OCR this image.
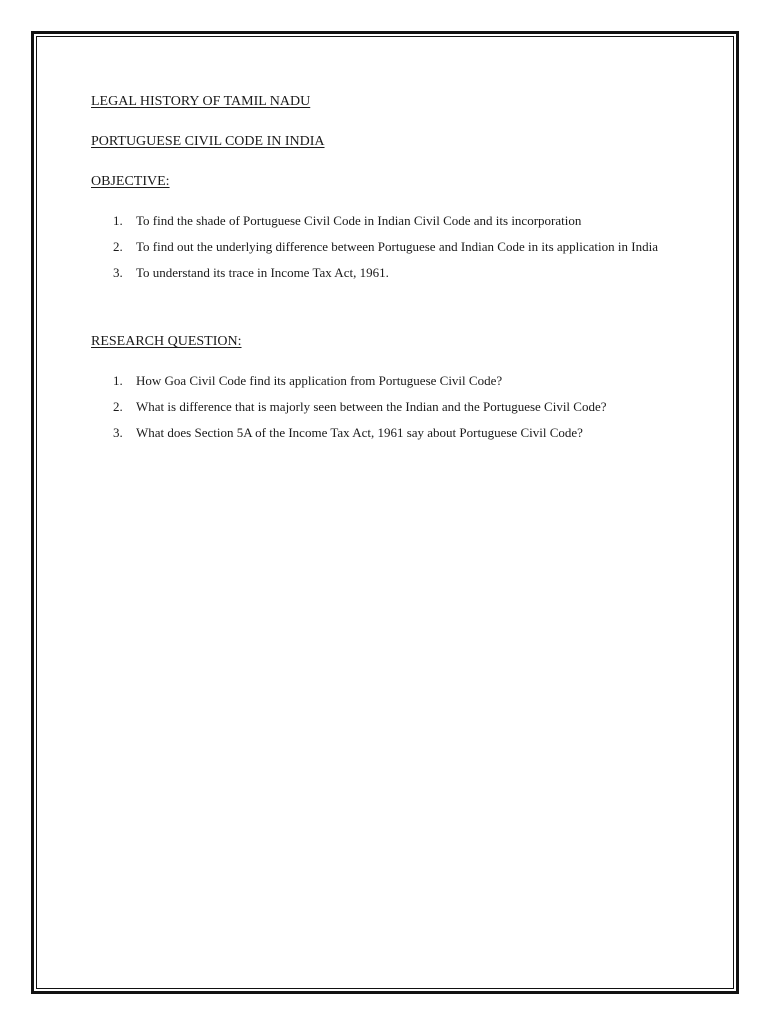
LEGAL HISTORY OF TAMIL NADU
PORTUGUESE CIVIL CODE IN INDIA
OBJECTIVE:
1 . To find the shade of Portuguese Civil Code in Indian Civil Code and its incorporation
2 . To find out the underlying difference between Portuguese and Indian Code in its application in India
3 . To understand its trace in Income Tax Act, 1961.
RESEARCH QUESTION:
1 . How Goa Civil Code find its application from Portuguese Civil Code?
2 . What is difference that is majorly seen between the Indian and the Portuguese Civil Code?
3 . What does Section 5A of the Income Tax Act, 1961 say about Portuguese Civil Code?
